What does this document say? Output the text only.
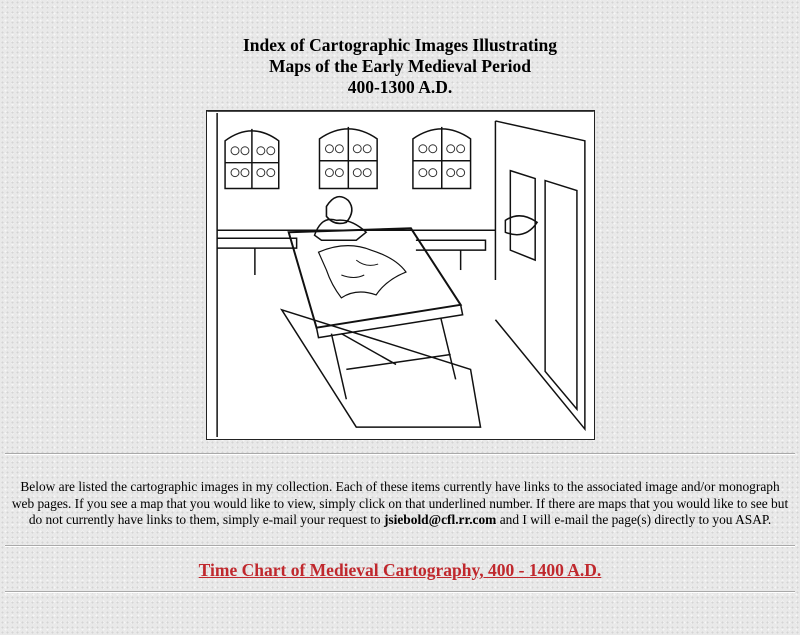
Index of Cartographic Images Illustrating
Maps of the Early Medieval Period
400-1300 A.D.

Below are listed the cartographic images in my collection. Each of these items currently have links to the associated image and/or monograph web pages. If you see a map that you would like to view, simply click on that underlined number. If there are maps that you would like to see but do not currently have links to them, simply e-mail your request to jsiebold@cfl.rr.com and I will e-mail the page(s) directly to you ASAP.

Time Chart of Medieval Cartography, 400 - 1400 A.D.
